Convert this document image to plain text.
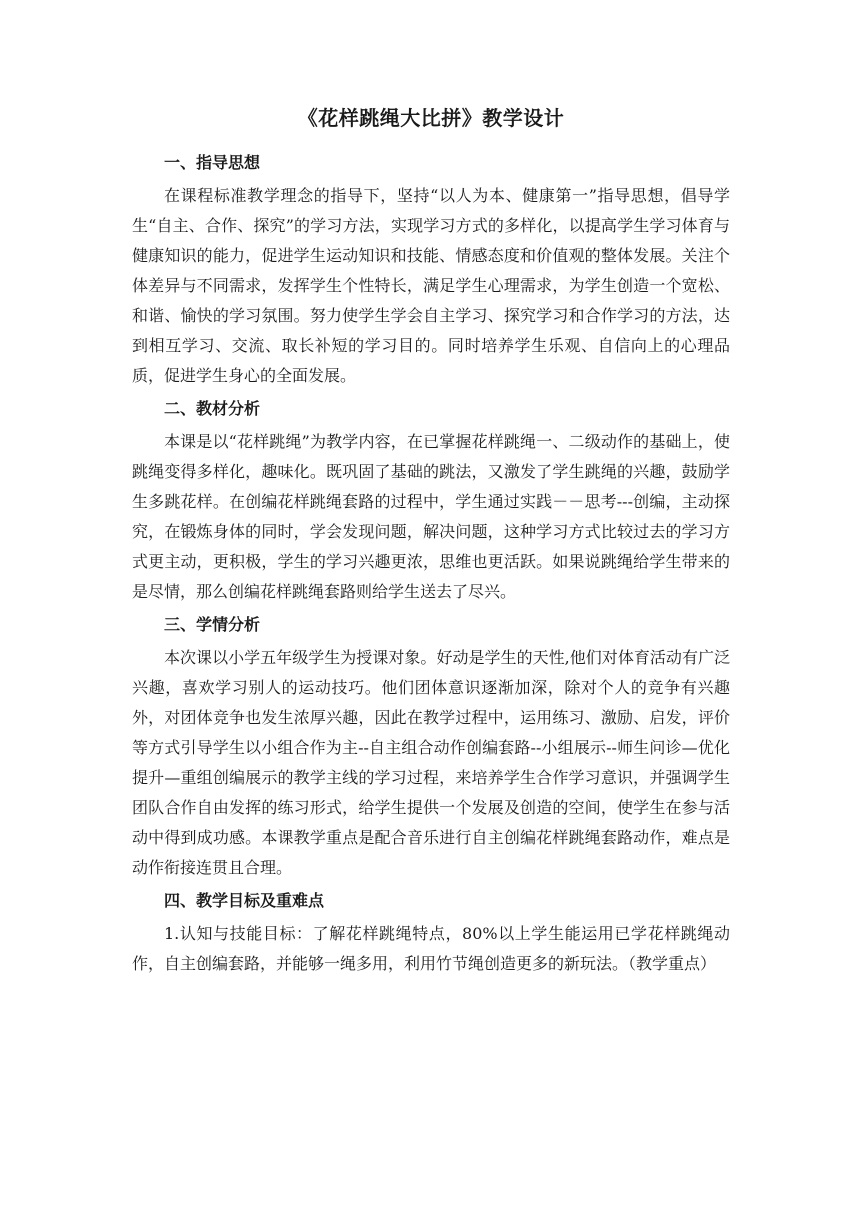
《花样跳绳大比拼》教学设计
一、指导思想

在课程标准教学理念的指导下，坚持“以人为本、健康第一”指导思想，倡导学生“自主、合作、探究”的学习方法，实现学习方式的多样化，以提高学生学习体育与健康知识的能力，促进学生运动知识和技能、情感态度和价值观的整体发展。关注个体差异与不同需求，发挥学生个性特长，满足学生心理需求，为学生创造一个宽松、和谐、愉快的学习氛围。努力使学生学会自主学习、探究学习和合作学习的方法，达到相互学习、交流、取长补短的学习目的。同时培养学生乐观、自信向上的心理品质，促进学生身心的全面发展。

二、教材分析

本课是以“花样跳绳”为教学内容，在已掌握花样跳绳一、二级动作的基础上，使跳绳变得多样化，趣味化。既巩固了基础的跳法，又激发了学生跳绳的兴趣，鼓励学生多跳花样。在创编花样跳绳套路的过程中，学生通过实践－－思考---创编，主动探究，在锻炼身体的同时，学会发现问题，解决问题，这种学习方式比较过去的学习方式更主动，更积极，学生的学习兴趣更浓，思维也更活跃。如果说跳绳给学生带来的是尽情，那么创编花样跳绳套路则给学生送去了尽兴。

三、学情分析

本次课以小学五年级学生为授课对象。好动是学生的天性,他们对体育活动有广泛兴趣，喜欢学习别人的运动技巧。他们团体意识逐渐加深，除对个人的竞争有兴趣外，对团体竞争也发生浓厚兴趣，因此在教学过程中，运用练习、激励、启发，评价等方式引导学生以小组合作为主--自主组合动作创编套路--小组展示--师生问诊—优化提升—重组创编展示的教学主线的学习过程，来培养学生合作学习意识，并强调学生团队合作自由发挥的练习形式，给学生提供一个发展及创造的空间，使学生在参与活动中得到成功感。本课教学重点是配合音乐进行自主创编花样跳绳套路动作，难点是动作衔接连贯且合理。

四、教学目标及重难点

1.认知与技能目标：了解花样跳绳特点，80%以上学生能运用已学花样跳绳动作，自主创编套路，并能够一绳多用，利用竹节绳创造更多的新玩法。（教学重点）
